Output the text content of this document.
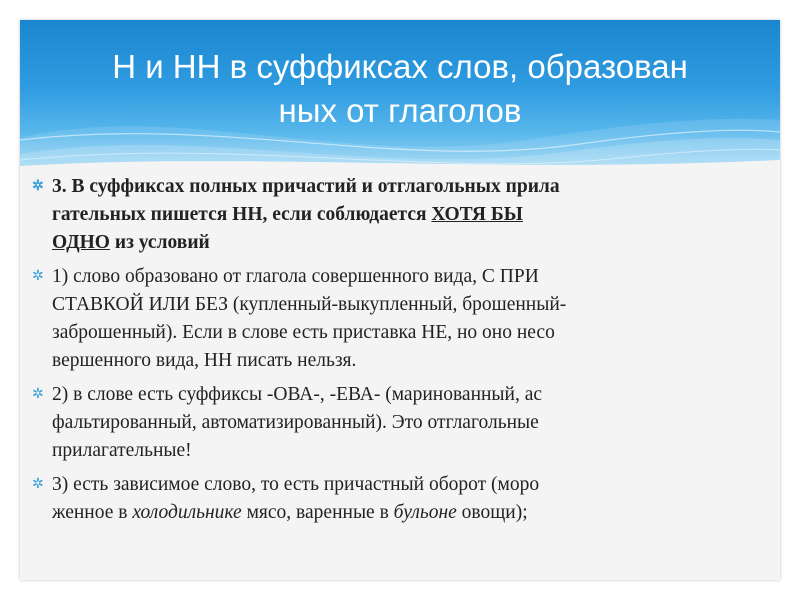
Н и НН в суффиксах слов, образован
ных от глаголов
✲ 3. В суффиксах полных причастий и отглагольных прила
гательных пишется НН, если соблюдается ХОТЯ БЫ
ОДНО из условий
✲ 1) слово образовано от глагола совершенного вида, С ПРИ
СТАВКОЙ ИЛИ БЕЗ (купленный-выкупленный, брошенный-
заброшенный). Если в слове есть приставка НЕ, но оно несо
вершенного вида, НН писать нельзя.
✲ 2) в слове есть суффиксы -ОВА-, -ЕВА- (маринованный, ас
фальтированный, автоматизированный). Это отглагольные
прилагательные!
✲ 3) есть зависимое слово, то есть причастный оборот (моро
женное в холодильнике мясо, варенные в бульоне овощи);
